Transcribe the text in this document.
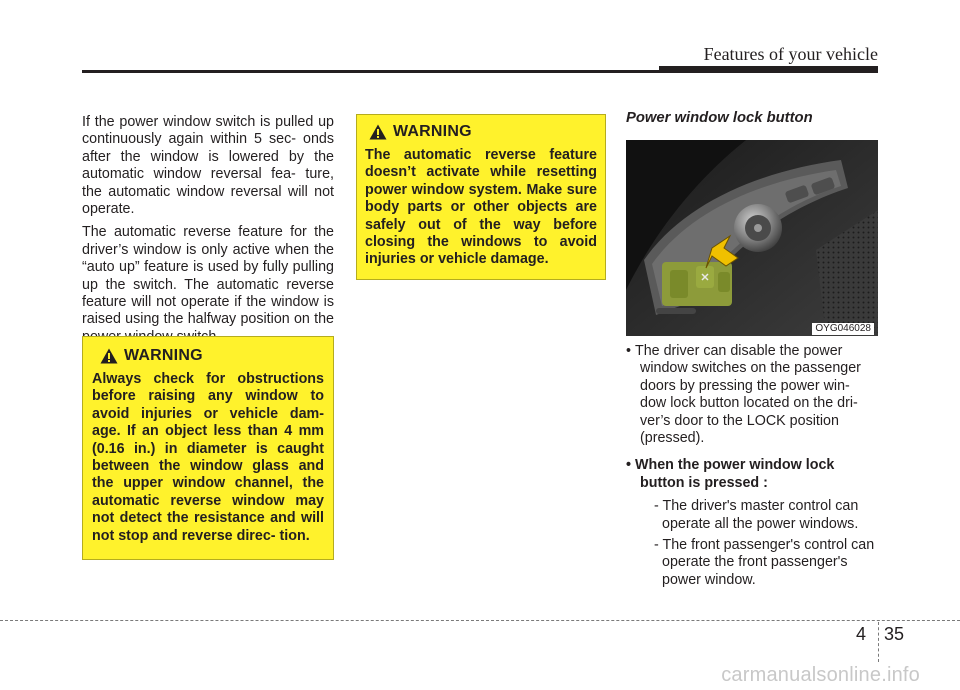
Features of your vehicle

If the power window switch is pulled up continuously again within 5 sec- onds after the window is lowered by the automatic window reversal fea- ture, the automatic window reversal will not operate.

The automatic reverse feature for the driver’s window is only active when the “auto up” feature is used by fully pulling up the switch. The automatic reverse feature will not operate if the window is raised using the halfway position on the

WARNING
Always check for obstructions before raising any window to avoid injuries or vehicle dam- age. If an object less than 4 mm (0.16 in.) in diameter is caught between the window glass and the upper window channel, the automatic reverse window may not detect the resistance and will not stop and reverse direc- tion.
WARNING
The automatic reverse feature doesn’t activate while resetting power window system. Make sure body parts or other objects are safely out of the way before closing the windows to avoid injuries or vehicle damage.
Power window lock button
OYG046028
• The driver can disable the power window switches on the passenger doors by pressing the power win- dow lock button located on the dri- ver’s door to the LOCK position (pressed).
• When the power window lock button is pressed :
- The driver's master control can operate all the power windows.
- The front passenger's control can operate the front passenger's power window.
4 35
carmanualsonline.info
